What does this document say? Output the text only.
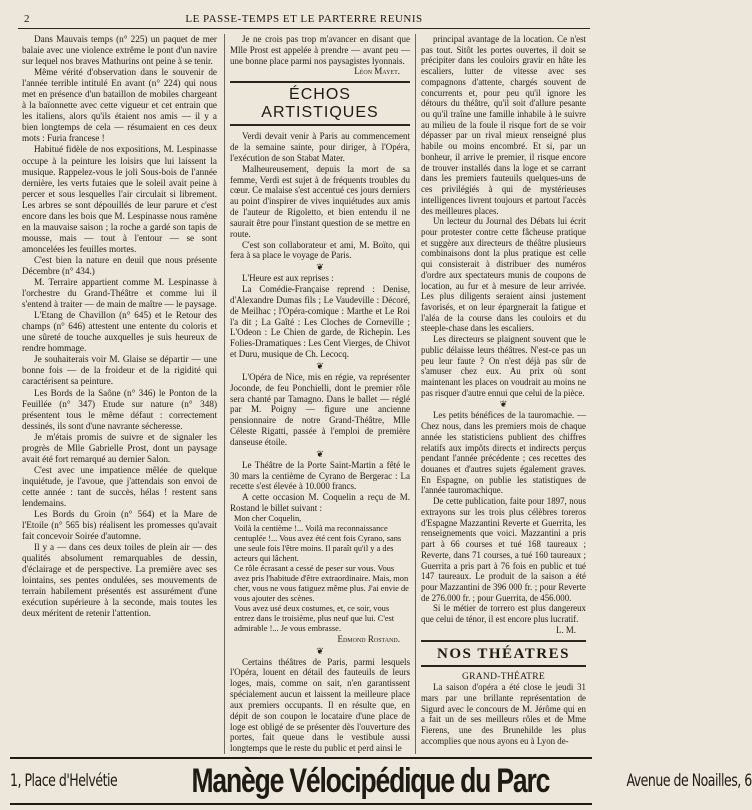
2	LE PASSE-TEMPS ET LE PARTERRE REUNIS

Dans Mauvais temps (n° 225) un paquet de mer balaie avec une violence extrême le pont d'un navire sur lequel nos braves Mathurins ont peine à se tenir.

Même vérité d'observation dans le souvenir de l'année terrible intitulé En avant (n° 224) qui nous met en présence d'un bataillon de mobiles chargeant à la baïonnette avec cette vigueur et cet entrain que les italiens, alors qu'ils étaient nos amis — il y a bien longtemps de cela — résumaient en ces deux mots : Furia francese !

Habitué fidèle de nos expositions, M. Lespinasse occupe à la peinture les loisirs que lui laissent la musique. Rappelez-vous le joli Sous-bois de l'année dernière, les verts futaies que le soleil avait peine à percer et sous lesquelles l'air circulait si librement. Les arbres se sont dépouillés de leur parure et c'est encore dans les bois que M. Lespinasse nous ramène en la mauvaise saison ; la roche a gardé son tapis de mousse, mais — tout à l'entour — se sont amoncelées les feuilles mortes.

C'est bien la nature en deuil que nous présente Décembre (n° 434.)

M. Terraire appartient comme M. Lespinasse à l'orchestre du Grand-Théâtre et comme lui il s'entend à traiter — de main de maître — le paysage.

L'Etang de Chavillon (n° 645) et le Retour des champs (n° 646) attestent une entente du coloris et une sûreté de touche auxquelles je suis heureux de rendre hommage.

Je souhaiterais voir M. Glaise se départir — une bonne fois — de la froideur et de la rigidité qui caractérisent sa peinture.

Les Bords de la Saône (n° 346) le Ponton de la Feuillée (n° 347) Etude sur nature (n° 348) présentent tous le même défaut : correctement dessinés, ils sont d'une navrante sécheresse.

Je m'étais promis de suivre et de signaler les progrès de Mlle Gabrielle Prost, dont un paysage avait été fort remarqué au dernier Salon.

C'est avec une impatience mêlée de quelque inquiétude, je l'avoue, que j'attendais son envoi de cette année : tant de succès, hélas ! restent sans lendemains.

Les Bords du Groin (n° 564) et la Mare de l'Etoile (n° 565 bis) réalisent les promesses qu'avait fait concevoir Soirée d'automne.

Il y a — dans ces deux toiles de plein air — des qualités absolument remarquables de dessin, d'éclairage et de perspective. La première avec ses lointains, ses pentes ondulées, ses mouvements de terrain habilement présentés est assurément d'une exécution supérieure à la seconde, mais toutes les deux méritent de retenir l'attention.

Je ne crois pas trop m'avancer en disant que Mlle Prost est appelée à prendre — avant peu — une bonne place parmi nos paysagistes lyonnais.

Léon Mayet.

ÉCHOS ARTISTIQUES

Verdi devait venir à Paris au commencement de la semaine sainte, pour diriger, à l'Opéra, l'exécution de son Stabat Mater.

Malheureusement, depuis la mort de sa femme, Verdi est sujet à de fréquents troubles du cœur. Ce malaise s'est accentué ces jours derniers au point d'inspirer de vives inquiétudes aux amis de l'auteur de Rigoletto, et bien entendu il ne saurait être pour l'instant question de se mettre en route.

C'est son collaborateur et ami, M. Boïto, qui fera à sa place le voyage de Paris.

❦

L'Heure est aux reprises :

La Comédie-Française reprend : Denise, d'Alexandre Dumas fils ; Le Vaudeville : Décoré, de Meilhac ; l'Opéra-comique : Marthe et Le Roi l'a dit ; La Gaîté : Les Cloches de Corneville ; L'Odeon : Le Chien de garde, de Richepin. Les Folies-Dramatiques : Les Cent Vierges, de Chivot et Duru, musique de Ch. Lecocq.

❦

L'Opéra de Nice, mis en régie, va représenter Joconde, de feu Ponchielli, dont le premier rôle sera chanté par Tamagno. Dans le ballet — réglé par M. Poigny — figure une ancienne pensionnaire de notre Grand-Théâtre, Mlle Céleste Rigatti, passée à l'emploi de première danseuse étoile.

❦

Le Théâtre de la Porte Saint-Martin a fêté le 30 mars la centième de Cyrano de Bergerac : La recette s'est élevée à 10.000 francs.

A cette occasion M. Coquelin a reçu de M. Rostand le billet suivant :

Mon cher Coquelin,

Voilà la centième !... Voilà ma reconnaissance centuplée !... Vous avez été cent fois Cyrano, sans une seule fois l'être moins. Il paraît qu'il y a des acteurs qui lâchent.

Ce rôle écrasant a cessé de peser sur vous. Vous avez pris l'habitude d'être extraordinaire. Mais, mon cher, vous ne vous fatiguez même plus. J'ai envie de vous ajouter des scènes.

Vous avez usé deux costumes, et, ce soir, vous entrez dans le troisième, plus neuf que lui. C'est admirable !... Je vous embrasse.

Edmond Rostand.

❦

Certains théâtres de Paris, parmi lesquels l'Opéra, louent en détail des fauteuils de leurs loges, mais, comme on sait, n'en garantissent spécialement aucun et laissent la meilleure place aux premiers occupants. Il en résulte que, en dépit de son coupon le locataire d'une place de loge est obligé de se présenter dès l'ouverture des portes, fait queue dans le vestibule aussi longtemps que le reste du public et perd ainsi le

principal avantage de la location. Ce n'est pas tout. Sitôt les portes ouvertes, il doit se précipiter dans les couloirs gravir en hâte les escaliers, lutter de vitesse avec ses compagnons d'attente, chargés souvent de concurrents et, pour peu qu'il ignore les détours du théâtre, qu'il soit d'allure pesante ou qu'il traîne une famille inhabile à le suivre au milieu de la foule il risque fort de se voir dépasser par un rival mieux renseigné plus habile ou moins encombré. Et si, par un bonheur, il arrive le premier, il risque encore de trouver installés dans la loge et se carrant dans les premiers fauteuils quelques-uns de ces privilégiés à qui de mystérieuses intelligences livrent toujours et partout l'accès des meilleures places.

Un lecteur du Journal des Débats lui écrit pour protester contre cette fâcheuse pratique et suggère aux directeurs de théâtre plusieurs combinaisons dont la plus pratique est celle qui consisterait à distribuer des numéros d'ordre aux spectateurs munis de coupons de location, au fur et à mesure de leur arrivée. Les plus diligents seraient ainsi justement favorisés, et on leur épargnerait la fatigue et l'aléa de la course dans les couloirs et du steeple-chase dans les escaliers.

Les directeurs se plaignent souvent que le public délaisse leurs théâtres. N'est-ce pas un peu leur faute ? On n'est déjà pas sûr de s'amuser chez eux. Au prix où sont maintenant les places on voudrait au moins ne pas risquer d'autre ennui que celui de la pièce.

❦

Les petits bénéfices de la tauromachie. — Chez nous, dans les premiers mois de chaque année les statisticiens publient des chiffres relatifs aux impôts directs et indirects perçus pendant l'année précédente ; ces recettes des douanes et d'autres sujets également graves. En Espagne, on publie les statistiques de l'année tauromachique.

De cette publication, faite pour 1897, nous extrayons sur les trois plus célèbres toreros d'Espagne Mazzantini Reverte et Guerrita, les renseignements que voici. Mazzantini a pris part à 66 courses et tué 168 taureaux ; Reverte, dans 71 courses, a tué 160 taureaux ; Guerrita a pris part à 76 fois en public et tué 147 taureaux. Le produit de la saison a été pour Mazzantini de 396 000 fr. ; pour Reverte de 276.000 fr. ; pour Guerrita, de 456.000.

Si le métier de torrero est plus dangereux que celui de ténor, il est encore plus lucratif.

L. M.

NOS THÉATRES

GRAND-THÉATRE

La saison d'opéra a été close le jeudi 31 mars par une brillante représentation de Sigurd avec le concours de M. Jérôme qui en a fait un de ses meilleurs rôles et de Mme Fierens, une des Brunehilde les plus accomplies que nous ayons eu à Lyon de-

1, Place d'Helvétie Manège Vélocipédique du Parc	Avenue de Noailles, 6
